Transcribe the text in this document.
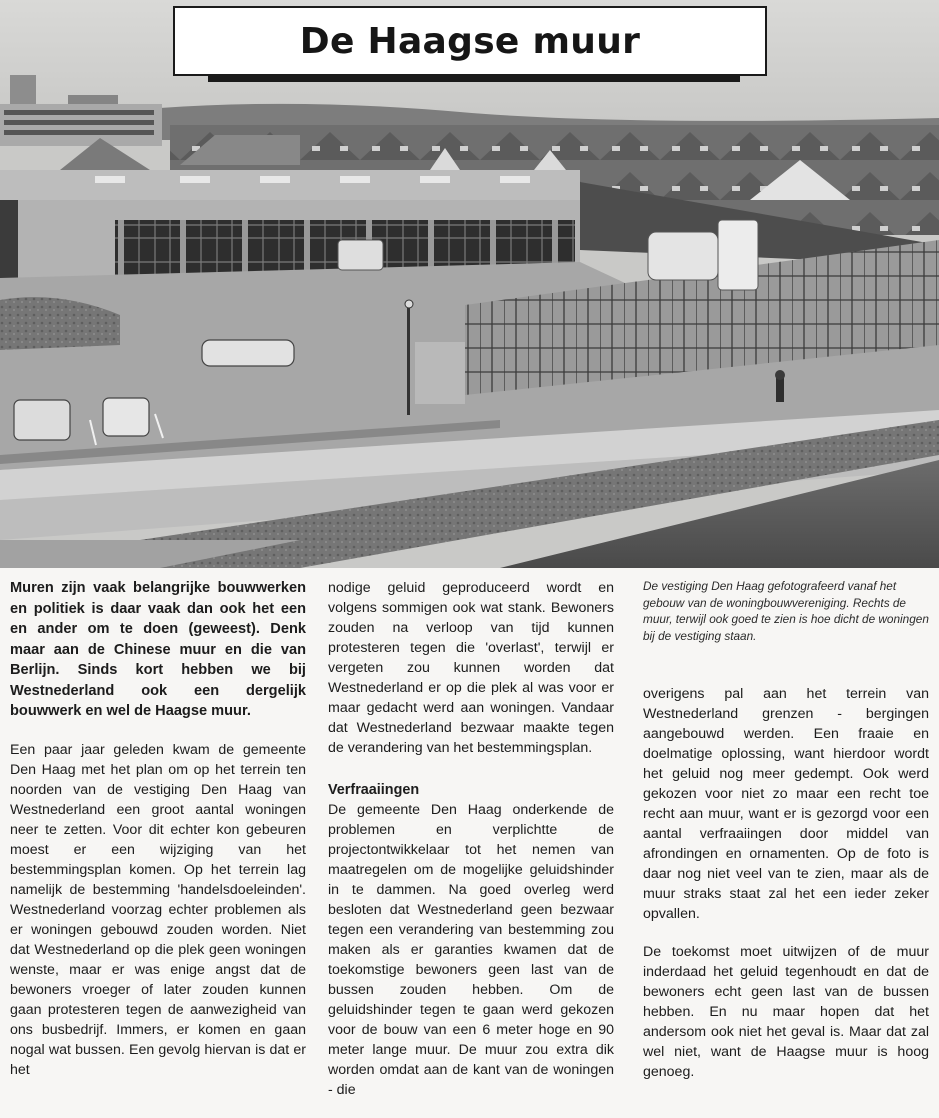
De Haagse muur

Muren zijn vaak belangrijke bouwwerken en politiek is daar vaak dan ook het een en ander om te doen (geweest). Denk maar aan de Chinese muur en die van Berlijn. Sinds kort hebben we bij Westnederland ook een dergelijk bouwwerk en wel de Haagse muur.

Een paar jaar geleden kwam de gemeente Den Haag met het plan om op het terrein ten noorden van de vestiging Den Haag van Westnederland een groot aantal woningen neer te zetten. Voor dit echter kon gebeuren moest er een wijziging van het bestemmingsplan komen. Op het terrein lag namelijk de bestemming 'handelsdoeleinden'. Westnederland voorzag echter problemen als er woningen gebouwd zouden worden. Niet dat Westnederland op die plek geen woningen wenste, maar er was enige angst dat de bewoners vroeger of later zouden kunnen gaan protesteren tegen de aanwezigheid van ons busbedrijf. Immers, er komen en gaan nogal wat bussen. Een gevolg hiervan is dat er het

nodige geluid geproduceerd wordt en volgens sommigen ook wat stank. Bewoners zouden na verloop van tijd kunnen protesteren tegen die 'overlast', terwijl er vergeten zou kunnen worden dat Westnederland er op die plek al was voor er maar gedacht werd aan woningen. Vandaar dat Westnederland bezwaar maakte tegen de verandering van het bestemmingsplan.

Verfraaiingen

De gemeente Den Haag onderkende de problemen en verplichtte de projectontwikkelaar tot het nemen van maatregelen om de mogelijke geluidshinder in te dammen. Na goed overleg werd besloten dat Westnederland geen bezwaar tegen een verandering van bestemming zou maken als er garanties kwamen dat de toekomstige bewoners geen last van de bussen zouden hebben. Om de geluidshinder tegen te gaan werd gekozen voor de bouw van een 6 meter hoge en 90 meter lange muur. De muur zou extra dik worden omdat aan de kant van de woningen - die

De vestiging Den Haag gefotografeerd vanaf het gebouw van de woningbouwvereniging. Rechts de muur, terwijl ook goed te zien is hoe dicht de woningen bij de vestiging staan.

overigens pal aan het terrein van Westnederland grenzen - bergingen aangebouwd werden. Een fraaie en doelmatige oplossing, want hierdoor wordt het geluid nog meer gedempt. Ook werd gekozen voor niet zo maar een recht toe recht aan muur, want er is gezorgd voor een aantal verfraaiingen door middel van afrondingen en ornamenten. Op de foto is daar nog niet veel van te zien, maar als de muur straks staat zal het een ieder zeker opvallen.

De toekomst moet uitwijzen of de muur inderdaad het geluid tegenhoudt en dat de bewoners echt geen last van de bussen hebben. En nu maar hopen dat het andersom ook niet het geval is. Maar dat zal wel niet, want de Haagse muur is hoog genoeg.
